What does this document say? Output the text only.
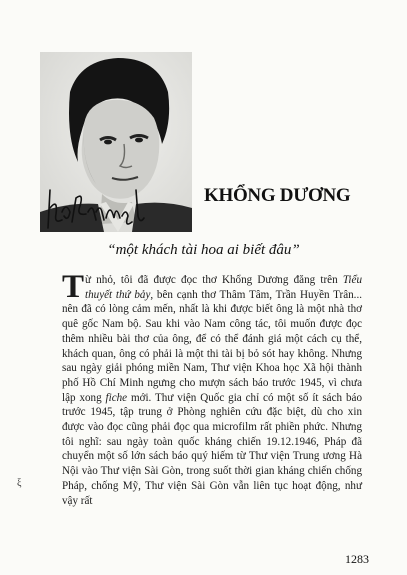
KHỔNG DƯƠNG
“một khách tài hoa ai biết đâu”

Từ nhỏ, tôi đã được đọc thơ Khổng Dương đăng trên Tiểu thuyết thứ bảy, bên cạnh thơ Thâm Tâm, Trần Huyền Trân... nên đã có lòng cảm mến, nhất là khi được biết ông là một nhà thơ quê gốc Nam bộ. Sau khi vào Nam công tác, tôi muốn được đọc thêm nhiều bài thơ của ông, để có thể đánh giá một cách cụ thể, khách quan, ông có phải là một thi tài bị bỏ sót hay không. Nhưng sau ngày giải phóng miền Nam, Thư viện Khoa học Xã hội thành phố Hồ Chí Minh ngưng cho mượn sách báo trước 1945, vì chưa lập xong fiche mới. Thư viện Quốc gia chỉ có một số ít sách báo trước 1945, tập trung ở Phòng nghiên cứu đặc biệt, dù cho xin được vào đọc cũng phải đọc qua microfilm rất phiền phức. Nhưng tôi nghĩ: sau ngày toàn quốc kháng chiến 19.12.1946, Pháp đã chuyển một số lớn sách báo quý hiếm từ Thư viện Trung ương Hà Nội vào Thư viện Sài Gòn, trong suốt thời gian kháng chiến chống Pháp, chống Mỹ, Thư viện Sài Gòn vẫn liên tục hoạt động, như vậy rất

ξ
1283
